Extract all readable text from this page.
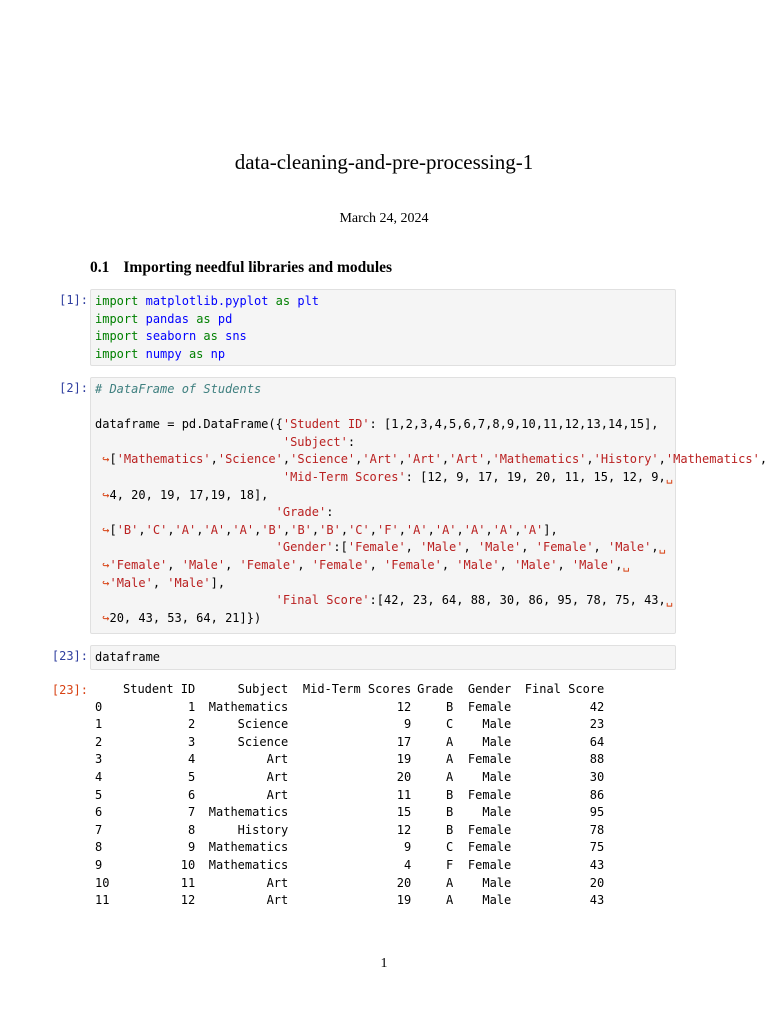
data-cleaning-and-pre-processing-1
March 24, 2024
0.1 Importing needful libraries and modules
[1]: import matplotlib.pyplot as plt
import pandas as pd
import seaborn as sns
import numpy as np
[2]: # DataFrame of Students

dataframe = pd.DataFrame({'Student ID': [1,2,3,4,5,6,7,8,9,10,11,12,13,14,15],
'Subject':
↪['Mathematics','Science','Science','Art','Art','Art','Mathematics','History','Mathematics',
'Mid-Term Scores': [12, 9, 17, 19, 20, 11, 15, 12, 9,␣
↪4, 20, 19, 17,19, 18],
'Grade':
↪['B','C','A','A','A','B','B','B','C','F','A','A','A','A','A'],
'Gender':['Female', 'Male', 'Male', 'Female', 'Male',␣
↪'Female', 'Male', 'Female', 'Female', 'Female', 'Male', 'Male', 'Male',␣
↪'Male', 'Male'],
'Final Score':[42, 23, 64, 88, 30, 86, 95, 78, 75, 43,␣
↪20, 43, 53, 64, 21]})
[23]: dataframe
[23]:
		Student ID	Subject	Mid-Term Scores	Grade	Gender	Final Score
0	1	Mathematics	12	B	Female	42
1	2	Science	9	C	Male	23
2	3	Science	17	A	Male	64
3	4	Art	19	A	Female	88
4	5	Art	20	A	Male	30
5	6	Art	11	B	Female	86
6	7	Mathematics	15	B	Male	95
7	8	History	12	B	Female	78
8	9	Mathematics	9	C	Female	75
9	10	Mathematics	4	F	Female	43
10	11	Art	20	A	Male	20
11	12	Art	19	A	Male	43
1
